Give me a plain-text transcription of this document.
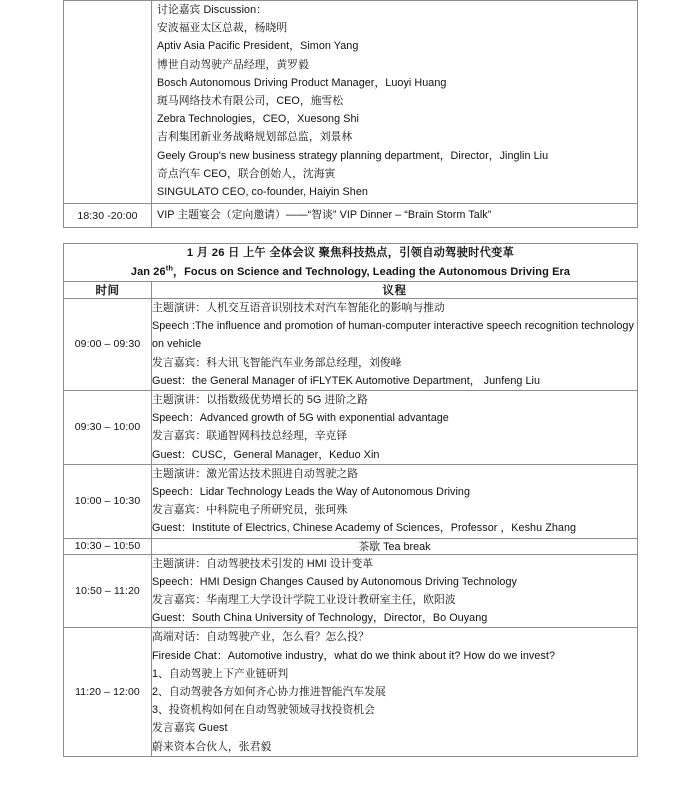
讨论嘉宾 Discussion：
安波福亚太区总裁，杨晓明
Aptiv Asia Pacific President，Simon Yang
博世自动驾驶产品经理，黄罗毅
Bosch Autonomous Driving Product Manager，Luoyi Huang
斑马网络技术有限公司，CEO，施雪松
Zebra Technologies，CEO，Xuesong Shi
吉利集团新业务战略规划部总监，刘景林
Geely Group's new business strategy planning department，Director，Jinglin Liu
奇点汽车 CEO，联合创始人，沈海寅
SINGULATO CEO, co-founder, Haiyin Shen

18:30 -20:00	VIP 主题宴会（定向邀请）——“智谈” VIP Dinner – “Brain Storm Talk”
1 月 26 日 上午 全体会议 聚焦科技热点，引领自动驾驶时代变革
Jan 26th，Focus on Science and Technology, Leading the Autonomous Driving Era	

时间	议程
09:00 – 09:30	主题演讲：人机交互语音识别技术对汽车智能化的影响与推动
Speech :The influence and promotion of human-computer interactive speech recognition technology on vehicle
发言嘉宾：科大讯飞智能汽车业务部总经理，刘俊峰
Guest：the General Manager of iFLYTEK Automotive Department， Junfeng Liu

09:30 – 10:00	主题演讲：以指数级优势增长的 5G 进阶之路
Speech：Advanced growth of 5G with exponential advantage
发言嘉宾：联通智网科技总经理，辛克铎
Guest：CUSC，General Manager，Keduo Xin

10:00 – 10:30	主题演讲：激光雷达技术照进自动驾驶之路
Speech：Lidar Technology Leads the Way of Autonomous Driving
发言嘉宾：中科院电子所研究员，张珂殊
Guest：Institute of Electrics, Chinese Academy of Sciences，Professor ，Keshu Zhang

10:30 – 10:50	茶歇 Tea break
10:50 – 11:20	主题演讲：自动驾驶技术引发的 HMI 设计变革
Speech：HMI Design Changes Caused by Autonomous Driving Technology
发言嘉宾：华南理工大学设计学院工业设计教研室主任，欧阳波
Guest：South China University of Technology，Director，Bo Ouyang

11:20 – 12:00	
高端对话：自动驾驶产业，怎么看？怎么投？
Fireside Chat：Automotive industry，what do we think about it? How do we invest?
1、自动驾驶上下产业链研判
2、自动驾驶各方如何齐心协力推进智能汽车发展
3、投资机构如何在自动驾驶领域寻找投资机会
发言嘉宾 Guest
蔚来资本合伙人，张君毅
